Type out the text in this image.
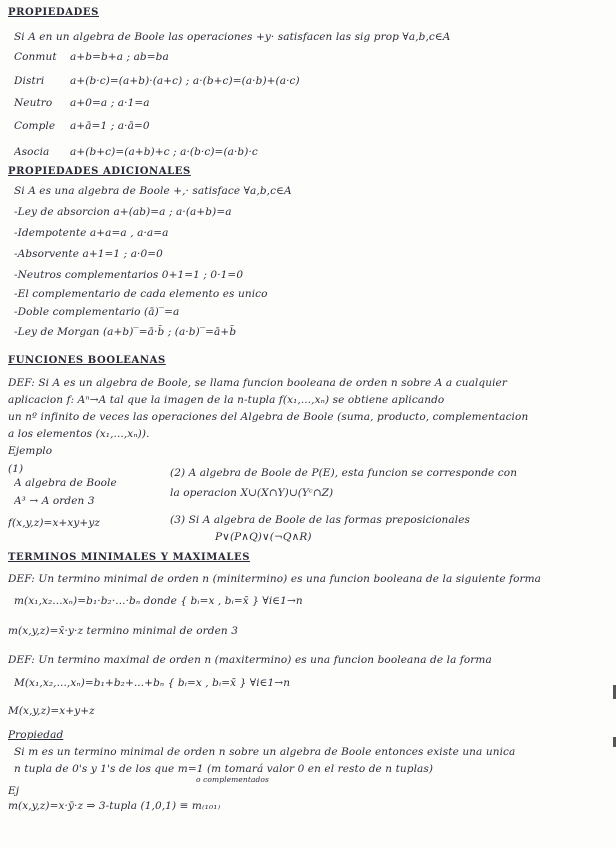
PROPIEDADES
Si A en un algebra de Boole las operaciones +y· satisfacen las sig prop ∀a,b,c∈A
Conmut a+b=b+a ; ab=ba
Distri a+(b·c)=(a+b)·(a+c) ; a·(b+c)=(a·b)+(a·c)
Neutro a+0=a ; a·1=a
Comple a+ā=1 ; a·ā=0
Asocia a+(b+c)=(a+b)+c ; a·(b·c)=(a·b)·c
PROPIEDADES ADICIONALES
Si A es una algebra de Boole +,· satisface ∀a,b,c∈A
-Ley de absorcion a+(ab)=a ; a·(a+b)=a
-Idempotente a+a=a , a·a=a
-Absorvente a+1=1 ; a·0=0
-Neutros complementarios 0+1=1 ; 0·1=0
-El complementario de cada elemento es unico
-Doble complementario (ā)‾=a
-Ley de Morgan (a+b)‾=ā·b̄ ; (a·b)‾=ā+b̄
FUNCIONES BOOLEANAS
DEF: Si A es un algebra de Boole, se llama funcion booleana de orden n sobre A a cualquier
aplicacion f: Aⁿ→A tal que la imagen de la n-tupla f(x₁,...,xₙ) se obtiene aplicando
un nº infinito de veces las operaciones del Algebra de Boole (suma, producto, complementacion
a los elementos (x₁,...,xₙ)).
Ejemplo
(1)
A algebra de Boole
A³ → A orden 3
f(x,y,z)=x+xy+yz
(2) A algebra de Boole de P(E), esta funcion se corresponde con
la operacion X∪(X∩Y)∪(Yᶜ∩Z)
(3) Si A algebra de Boole de las formas preposicionales
P∨(P∧Q)∨(¬Q∧R)
TERMINOS MINIMALES Y MAXIMALES
DEF: Un termino minimal de orden n (minitermino) es una funcion booleana de la siguiente forma
m(x₁,x₂...xₙ)=b₁·b₂·...·bₙ donde { bᵢ=x , bᵢ=x̄ } ∀i∈1→n
m(x,y,z)=x̄·y·z termino minimal de orden 3
DEF: Un termino maximal de orden n (maxitermino) es una funcion booleana de la forma
M(x₁,x₂,...,xₙ)=b₁+b₂+...+bₙ { bᵢ=x , bᵢ=x̄ } ∀i∈1→n
M(x,y,z)=x+y+z
Propiedad
Si m es un termino minimal de orden n sobre un algebra de Boole entonces existe una unica
n tupla de 0's y 1's de los que m=1 (m tomará valor 0 en el resto de n tuplas)
o complementados
Ej
m(x,y,z)=x·ȳ·z ⇒ 3-tupla (1,0,1) ≡ m₍₁₀₁₎
